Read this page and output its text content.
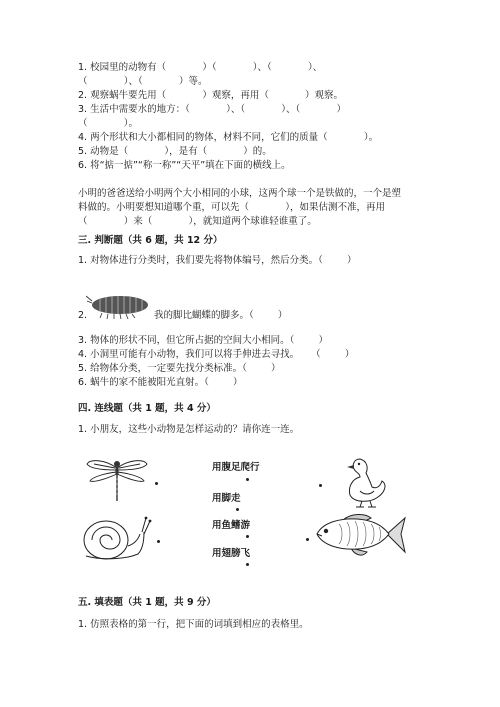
1. 校园里的动物有（            ）（            ）、（            ）、
（            ）、（            ）等。
2. 观察蜗牛要先用（            ）观察，再用（            ）观察。
3. 生活中需要水的地方：（            ）、（            ）、（            ）
（            ）。
4. 两个形状和大小都相同的物体，材料不同，它们的质量（            ）。
5. 动物是（            ），是有（            ）的。
6. 将“掂一掂”“称一称”“天平”填在下面的横线上。
小明的爸爸送给小明两个大小相同的小球，这两个球一个是铁做的，一个是塑
料做的。小明要想知道哪个重，可以先（            ），如果估测不准，再用
（            ）来（            ），就知道两个球谁轻谁重了。
三. 判断题（共 6 题，共 12 分）
1. 对物体进行分类时，我们要先将物体编号，然后分类。（        ）
2.	我的脚比蝴蝶的脚多。（        ）
3. 物体的形状不同，但它所占据的空间大小相同。（        ）
4. 小洞里可能有小动物，我们可以将手伸进去寻找。    （        ）
5. 给物体分类，一定要先找分类标准。（        ）
6. 蜗牛的家不能被阳光直射。（        ）
四. 连线题（共 1 题，共 4 分）
1. 小朋友，这些小动物是怎样运动的？请你连一连。
用腹足爬行
用脚走
用鱼鳍游
用翅膀飞
五. 填表题（共 1 题，共 9 分）
1. 仿照表格的第一行，把下面的词填到相应的表格里。
